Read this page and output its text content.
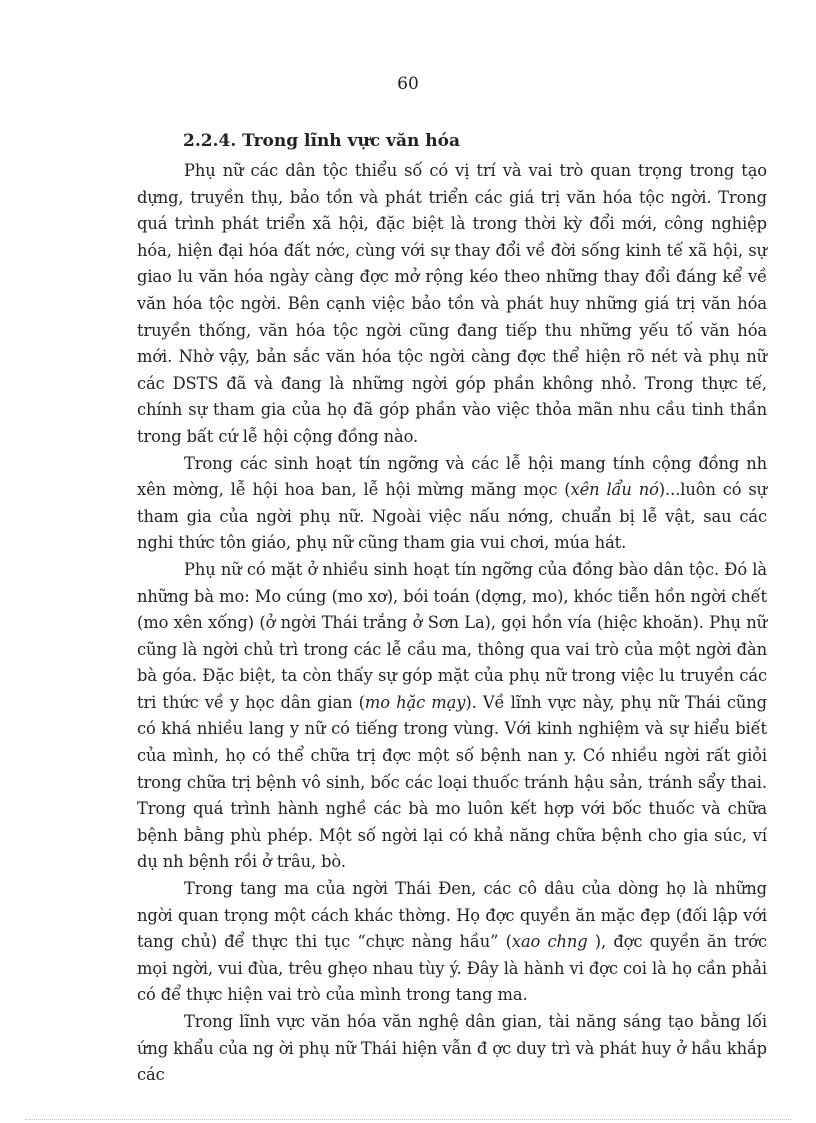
60
2.2.4. Trong lĩnh vực văn hóa

Phụ nữ các dân tộc thiểu số có vị trí và vai trò quan trọng trong tạo dựng, truyền thụ, bảo tồn và phát triển các giá trị văn hóa tộc ngời. Trong quá trình phát triển xã hội, đặc biệt là trong thời kỳ đổi mới, công nghiệp hóa, hiện đại hóa đất nớc, cùng với sự thay đổi về đời sống kinh tế xã hội, sự giao lu văn hóa ngày càng đợc mở rộng kéo theo những thay đổi đáng kể về văn hóa tộc ngời. Bên cạnh việc bảo tồn và phát huy những giá trị văn hóa truyền thống, văn hóa tộc ngời cũng đang tiếp thu những yếu tố văn hóa mới. Nhờ vậy, bản sắc văn hóa tộc ngời càng đợc thể hiện rõ nét và phụ nữ các DSTS đã và đang là những ngời góp phần không nhỏ. Trong thực tế, chính sự tham gia của họ đã góp phần vào việc thỏa mãn nhu cầu tinh thần trong bất cứ lễ hội cộng đồng nào.

Trong các sinh hoạt tín ngỡng và các lễ hội mang tính cộng đồng nh xên mờng, lễ hội hoa ban, lễ hội mừng măng mọc (xên lẩu nó)...luôn có sự tham gia của ngời phụ nữ. Ngoài việc nấu nớng, chuẩn bị lễ vật, sau các nghi thức tôn giáo, phụ nữ cũng tham gia vui chơi, múa hát.

Phụ nữ có mặt ở nhiều sinh hoạt tín ngỡng của đồng bào dân tộc. Đó là những bà mo: Mo cúng (mo xơ), bói toán (dợng, mo), khóc tiễn hồn ngời chết (mo xên xống) (ở ngời Thái trắng ở Sơn La), gọi hồn vía (hiệc khoăn). Phụ nữ cũng là ngời chủ trì trong các lễ cầu ma, thông qua vai trò của một ngời đàn bà góa. Đặc biệt, ta còn thấy sự góp mặt của phụ nữ trong việc lu truyền các tri thức về y học dân gian (mo hặc mạy). Về lĩnh vực này, phụ nữ Thái cũng có khá nhiều lang y nữ có tiếng trong vùng. Với kinh nghiệm và sự hiểu biết của mình, họ có thể chữa trị đợc một số bệnh nan y. Có nhiều ngời rất giỏi trong chữa trị bệnh vô sinh, bốc các loại thuốc tránh hậu sản, tránh sẩy thai. Trong quá trình hành nghề các bà mo luôn kết hợp với bốc thuốc và chữa bệnh bằng phù phép. Một số ngời lại có khả năng chữa bệnh cho gia súc, ví dụ nh bệnh rồi ở trâu, bò.

Trong tang ma của ngời Thái Đen, các cô dâu của dòng họ là những ngời quan trọng một cách khác thờng. Họ đợc quyền ăn mặc đẹp (đối lập với tang chủ) để thực thi tục “chực nàng hầu” (xao chng ), đợc quyền ăn trớc mọi ngời, vui đùa, trêu ghẹo nhau tùy ý. Đây là hành vi đợc coi là họ cần phải có để thực hiện vai trò của mình trong tang ma.

Trong lĩnh vực văn hóa văn nghệ dân gian, tài năng sáng tạo bằng lối ứng khẩu của ng ời phụ nữ Thái hiện vẫn đ ợc duy trì và phát huy ở hầu khắp các
